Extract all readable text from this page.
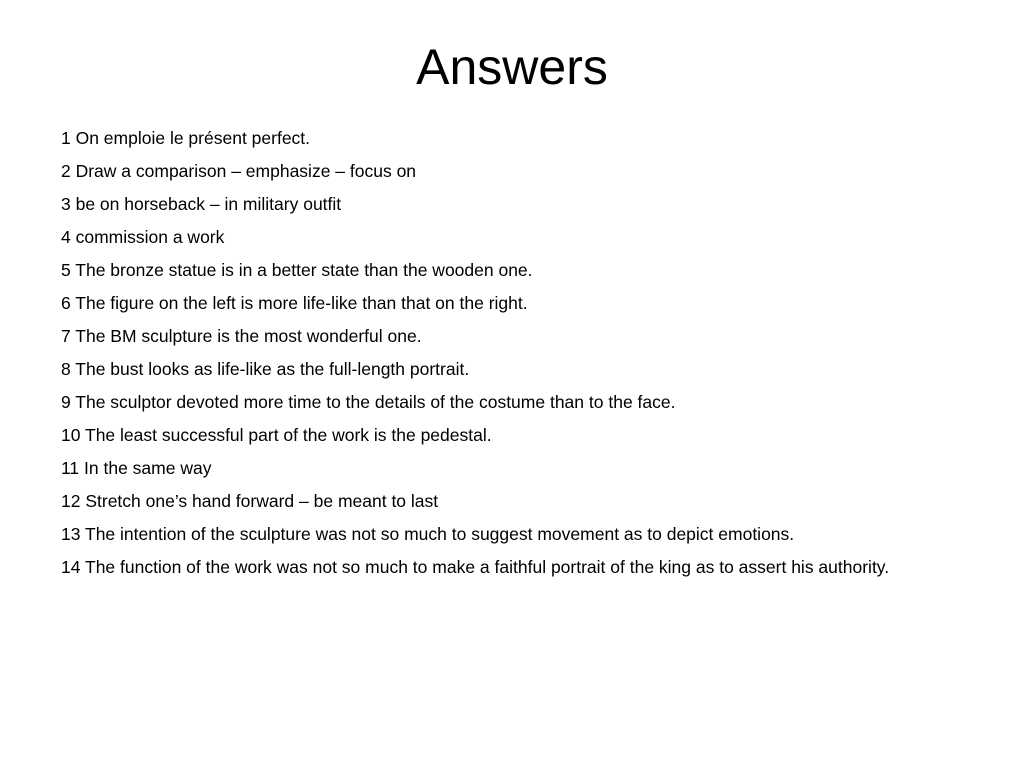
Answers
1 On emploie le présent perfect.
2 Draw a comparison – emphasize – focus on
3 be on horseback – in military outfit
4 commission a work
5 The bronze statue is in a better state than the wooden one.
6 The figure on the left is more life-like than that on the right.
7 The BM sculpture is the most wonderful one.
8 The bust looks as life-like as the full-length portrait.
9 The sculptor devoted more time to the details of the costume than to the face.
10 The least successful part of the work is the pedestal.
11 In the same way
12 Stretch one’s hand forward – be meant to last
13 The intention of the sculpture was not so much to suggest movement as to depict emotions.
14 The function of the work was not so much to make a faithful portrait of the king as to assert his authority.
